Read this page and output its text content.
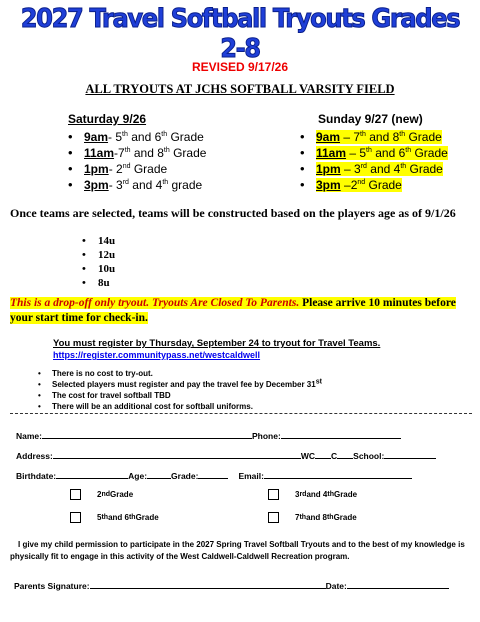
2027 Travel Softball Tryouts Grades 2-8
REVISED 9/17/26
ALL TRYOUTS AT JCHS SOFTBALL VARSITY FIELD
Saturday 9/26
• 9am- 5th and 6th Grade
• 11am-7th and 8th Grade
• 1pm- 2nd Grade
• 3pm- 3rd and 4th grade
Sunday 9/27 (new)
• 9am – 7th and 8th Grade
• 11am – 5th and 6th Grade
• 1pm – 3rd and 4th Grade
• 3pm –2nd Grade
Once teams are selected, teams will be constructed based on the players age as of 9/1/26
• 14u
• 12u
• 10u
• 8u
This is a drop-off only tryout. Tryouts Are Closed To Parents. Please arrive 10 minutes before your start time for check-in.
You must register by Thursday, September 24 to tryout for Travel Teams.
https://register.communitypass.net/westcaldwell
• There is no cost to try-out.
• Selected players must register and pay the travel fee by December 31st
• The cost for travel softball TBD
• There will be an additional cost for softball uniforms.
Name:	Phone:
Address:	WC C School:
Birthdate:	Age:	Grade:	Email:
2 nd Grade	3 rd and 4 th Grade
5 th and 6 th Grade	7 th and 8 th Grade
I give my child permission to participate in the 2027 Spring Travel Softball Tryouts and to the best of my knowledge is physically fit to engage in this activity of the West Caldwell-Caldwell Recreation program.
Parents Signature:	Date:
